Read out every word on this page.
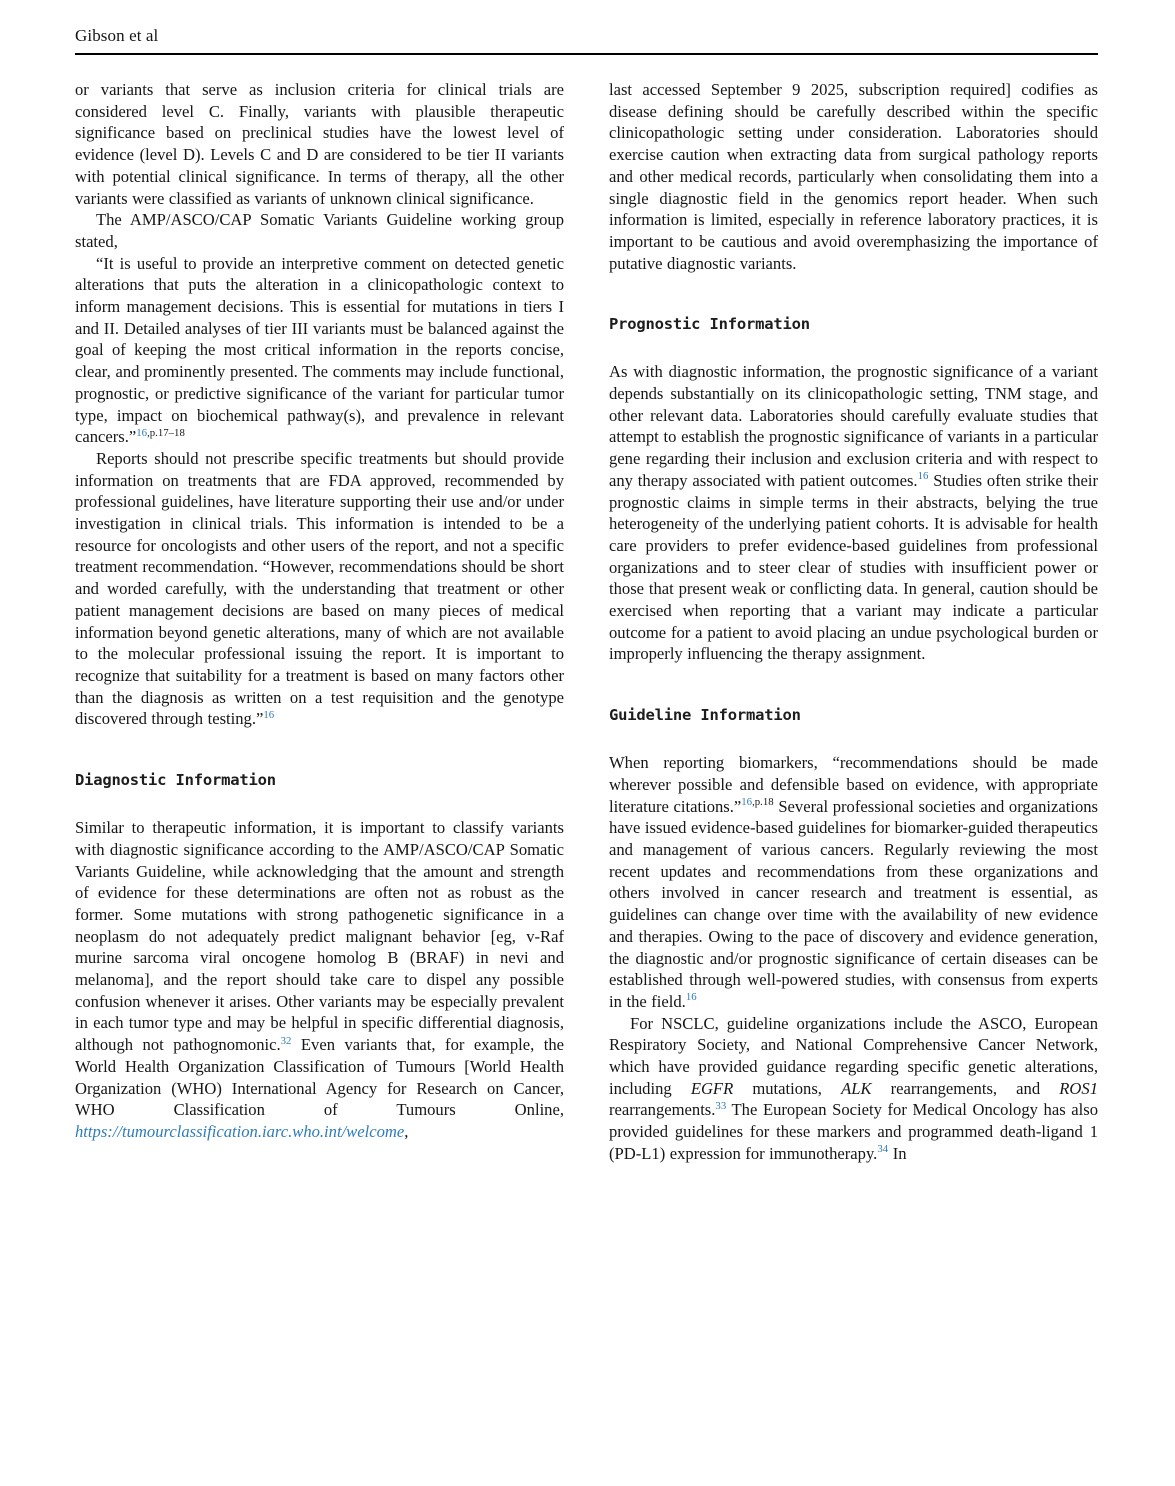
Gibson et al

or variants that serve as inclusion criteria for clinical trials are considered level C. Finally, variants with plausible therapeutic significance based on preclinical studies have the lowest level of evidence (level D). Levels C and D are considered to be tier II variants with potential clinical significance. In terms of therapy, all the other variants were classified as variants of unknown clinical significance.

The AMP/ASCO/CAP Somatic Variants Guideline working group stated,

“It is useful to provide an interpretive comment on detected genetic alterations that puts the alteration in a clinicopathologic context to inform management decisions. This is essential for mutations in tiers I and II. Detailed analyses of tier III variants must be balanced against the goal of keeping the most critical information in the reports concise, clear, and prominently presented. The comments may include functional, prognostic, or predictive significance of the variant for particular tumor type, impact on biochemical pathway(s), and prevalence in relevant cancers.”$^{16,p.17-18}$

Reports should not prescribe specific treatments but should provide information on treatments that are FDA approved, recommended by professional guidelines, have literature supporting their use and/or under investigation in clinical trials. This information is intended to be a resource for oncologists and other users of the report, and not a specific treatment recommendation. “However, recommendations should be short and worded carefully, with the understanding that treatment or other patient management decisions are based on many pieces of medical information beyond genetic alterations, many of which are not available to the molecular professional issuing the report. It is important to recognize that suitability for a treatment is based on many factors other than the diagnosis as written on a test requisition and the genotype discovered through testing.”$^{16}$

Diagnostic Information

Similar to therapeutic information, it is important to classify variants with diagnostic significance according to the AMP/ASCO/CAP Somatic Variants Guideline, while acknowledging that the amount and strength of evidence for these determinations are often not as robust as the former. Some mutations with strong pathogenetic significance in a neoplasm do not adequately predict malignant behavior [eg, v-Raf murine sarcoma viral oncogene homolog B (BRAF) in nevi and melanoma], and the report should take care to dispel any possible confusion whenever it arises. Other variants may be especially prevalent in each tumor type and may be helpful in specific differential diagnosis, although not pathognomonic.$^{32}$ Even variants that, for example, the World Health Organization Classification of Tumours [World Health Organization (WHO) International Agency for Research on Cancer, WHO Classification of Tumours Online, https://tumourclassification.iarc.who.int/welcome,

last accessed September 9 2025, subscription required] codifies as disease defining should be carefully described within the specific clinicopathologic setting under consideration. Laboratories should exercise caution when extracting data from surgical pathology reports and other medical records, particularly when consolidating them into a single diagnostic field in the genomics report header. When such information is limited, especially in reference laboratory practices, it is important to be cautious and avoid overemphasizing the importance of putative diagnostic variants.

Prognostic Information

As with diagnostic information, the prognostic significance of a variant depends substantially on its clinicopathologic setting, TNM stage, and other relevant data. Laboratories should carefully evaluate studies that attempt to establish the prognostic significance of variants in a particular gene regarding their inclusion and exclusion criteria and with respect to any therapy associated with patient outcomes.$^{16}$ Studies often strike their prognostic claims in simple terms in their abstracts, belying the true heterogeneity of the underlying patient cohorts. It is advisable for health care providers to prefer evidence-based guidelines from professional organizations and to steer clear of studies with insufficient power or those that present weak or conflicting data. In general, caution should be exercised when reporting that a variant may indicate a particular outcome for a patient to avoid placing an undue psychological burden or improperly influencing the therapy assignment.

Guideline Information

When reporting biomarkers, “recommendations should be made wherever possible and defensible based on evidence, with appropriate literature citations.”$^{16,p.18}$ Several professional societies and organizations have issued evidence-based guidelines for biomarker-guided therapeutics and management of various cancers. Regularly reviewing the most recent updates and recommendations from these organizations and others involved in cancer research and treatment is essential, as guidelines can change over time with the availability of new evidence and therapies. Owing to the pace of discovery and evidence generation, the diagnostic and/or prognostic significance of certain diseases can be established through well-powered studies, with consensus from experts in the field.$^{16}$

For NSCLC, guideline organizations include the ASCO, European Respiratory Society, and National Comprehensive Cancer Network, which have provided guidance regarding specific genetic alterations, including EGFR mutations, ALK rearrangements, and ROS1 rearrangements.$^{33}$ The European Society for Medical Oncology has also provided guidelines for these markers and programmed death-ligand 1 (PD-L1) expression for immunotherapy.$^{34}$ In
